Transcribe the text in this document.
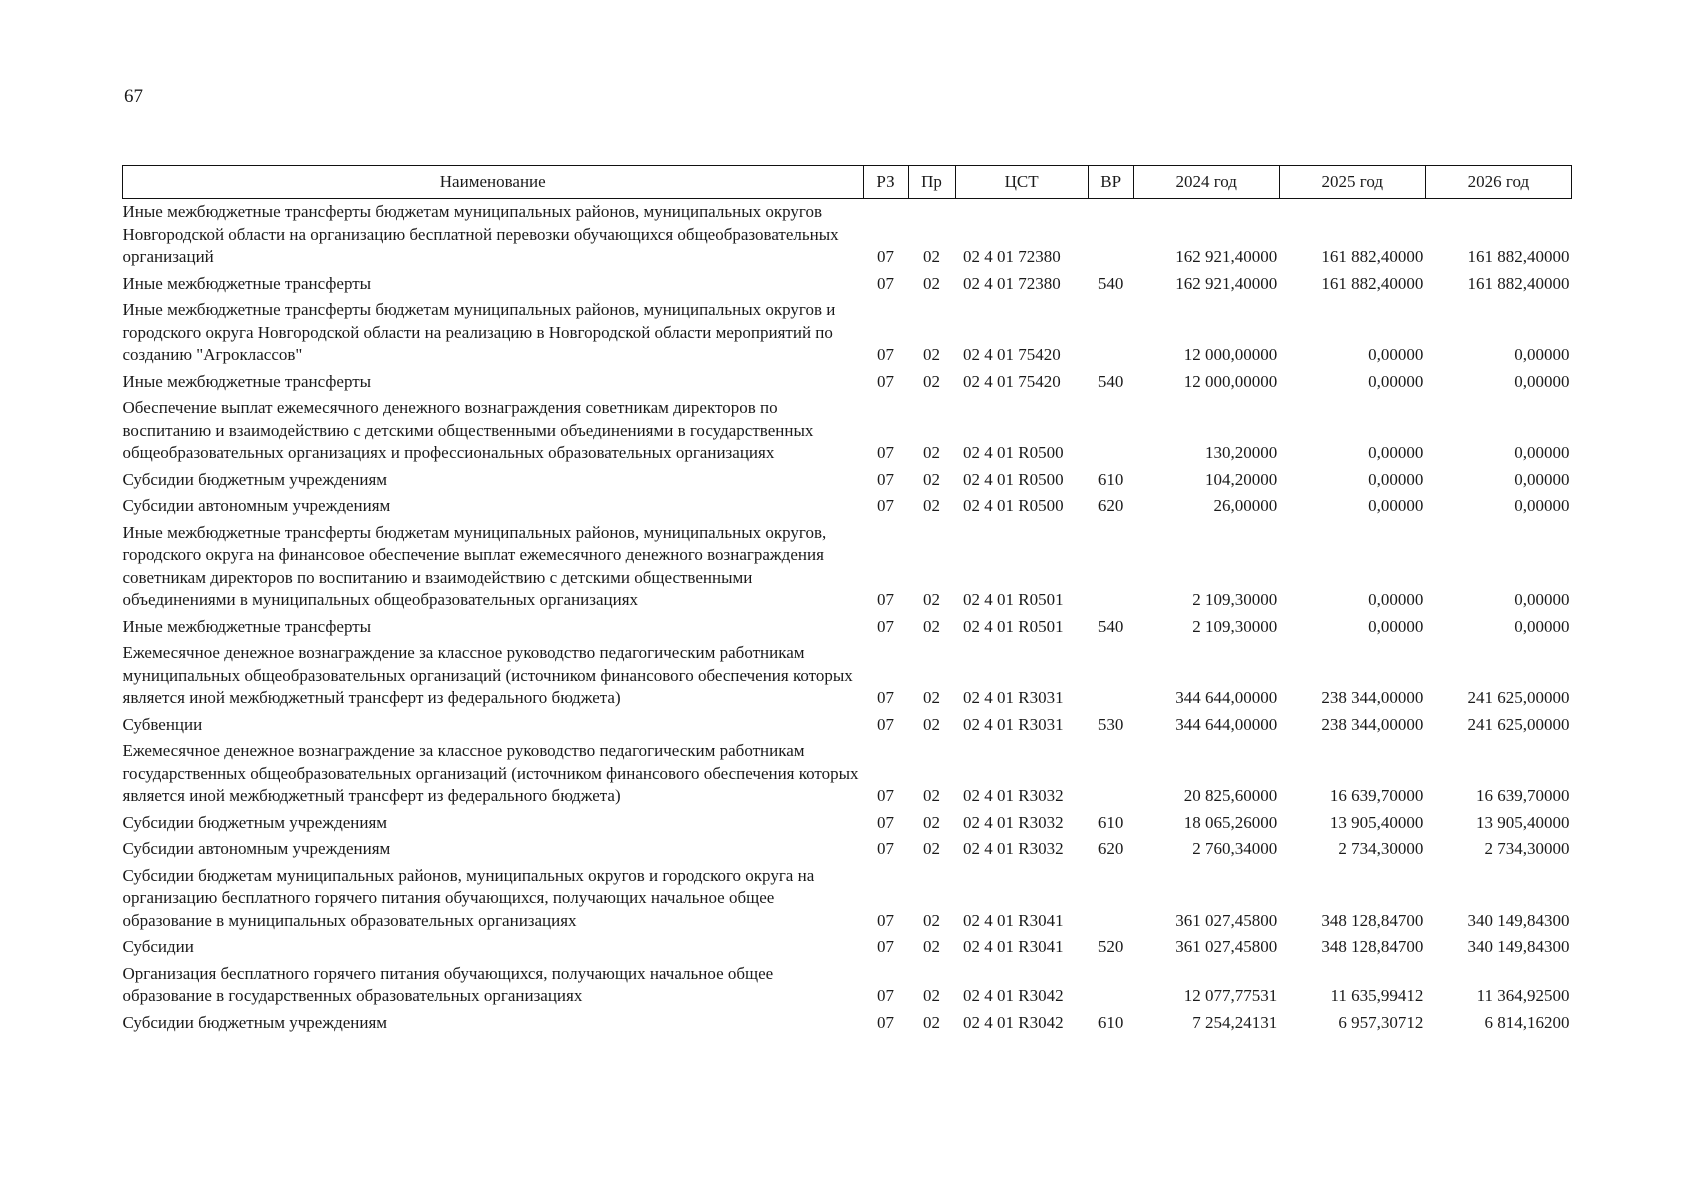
67
Наименование	РЗ	Пр	ЦСТ	ВР	2024 год	2025 год	2026 год
Иные межбюджетные трансферты бюджетам муниципальных районов, муниципальных округов Новгородской области на организацию бесплатной перевозки обучающихся общеобразовательных организаций	07	02	02 4 01 72380		162 921,40000	161 882,40000	161 882,40000
Иные межбюджетные трансферты	07	02	02 4 01 72380	540	162 921,40000	161 882,40000	161 882,40000
Иные межбюджетные трансферты бюджетам муниципальных районов, муниципальных округов и городского округа Новгородской области на реализацию в Новгородской области мероприятий по созданию "Агроклассов"	07	02	02 4 01 75420		12 000,00000	0,00000	0,00000
Иные межбюджетные трансферты	07	02	02 4 01 75420	540	12 000,00000	0,00000	0,00000
Обеспечение выплат ежемесячного денежного вознаграждения советникам директоров по воспитанию и взаимодействию с детскими общественными объединениями в государственных общеобразовательных организациях и профессиональных образовательных организациях	07	02	02 4 01 R0500		130,20000	0,00000	0,00000
Субсидии бюджетным учреждениям	07	02	02 4 01 R0500	610	104,20000	0,00000	0,00000
Субсидии автономным учреждениям	07	02	02 4 01 R0500	620	26,00000	0,00000	0,00000
Иные межбюджетные трансферты бюджетам муниципальных районов, муниципальных округов, городского округа на финансовое обеспечение выплат ежемесячного денежного вознаграждения советникам директоров по воспитанию и взаимодействию с детскими общественными объединениями в муниципальных общеобразовательных организациях	07	02	02 4 01 R0501		2 109,30000	0,00000	0,00000
Иные межбюджетные трансферты	07	02	02 4 01 R0501	540	2 109,30000	0,00000	0,00000
Ежемесячное денежное вознаграждение за классное руководство педагогическим работникам муниципальных общеобразовательных организаций (источником финансового обеспечения которых является иной межбюджетный трансферт из федерального бюджета)	07	02	02 4 01 R3031		344 644,00000	238 344,00000	241 625,00000
Субвенции	07	02	02 4 01 R3031	530	344 644,00000	238 344,00000	241 625,00000
Ежемесячное денежное вознаграждение за классное руководство педагогическим работникам государственных общеобразовательных организаций (источником финансового обеспечения которых является иной межбюджетный трансферт из федерального бюджета)	07	02	02 4 01 R3032		20 825,60000	16 639,70000	16 639,70000
Субсидии бюджетным учреждениям	07	02	02 4 01 R3032	610	18 065,26000	13 905,40000	13 905,40000
Субсидии автономным учреждениям	07	02	02 4 01 R3032	620	2 760,34000	2 734,30000	2 734,30000
Субсидии бюджетам муниципальных районов, муниципальных округов и городского округа на организацию бесплатного горячего питания обучающихся, получающих начальное общее образование в муниципальных образовательных организациях	07	02	02 4 01 R3041		361 027,45800	348 128,84700	340 149,84300
Субсидии	07	02	02 4 01 R3041	520	361 027,45800	348 128,84700	340 149,84300
Организация бесплатного горячего питания обучающихся, получающих начальное общее образование в государственных образовательных организациях	07	02	02 4 01 R3042		12 077,77531	11 635,99412	11 364,92500
Субсидии бюджетным учреждениям	07	02	02 4 01 R3042	610	7 254,24131	6 957,30712	6 814,16200
